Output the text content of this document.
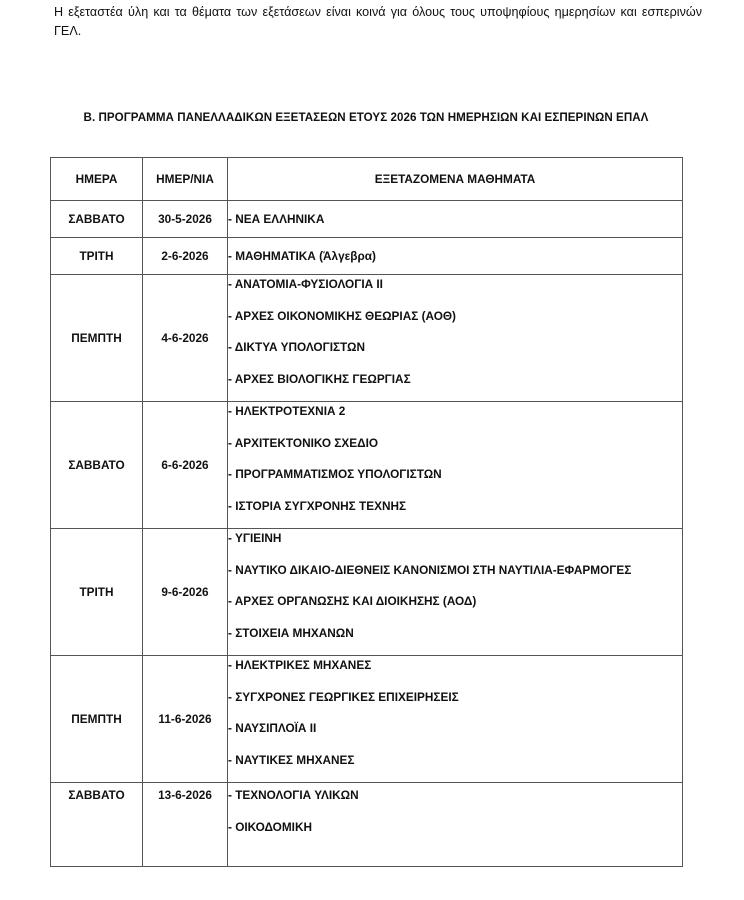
Η εξεταστέα ύλη και τα θέματα των εξετάσεων είναι κοινά για όλους τους υποψηφίους ημερησίων και εσπερινών ΓΕΛ.

Β. ΠΡΟΓΡΑΜΜΑ ΠΑΝΕΛΛΑΔΙΚΩΝ ΕΞΕΤΑΣΕΩΝ ΕΤΟΥΣ 2026 ΤΩΝ ΗΜΕΡΗΣΙΩΝ ΚΑΙ ΕΣΠΕΡΙΝΩΝ ΕΠΑΛ
ΗΜΕΡΑ	ΗΜΕΡ/ΝΙΑ	ΕΞΕΤΑΖΟΜΕΝΑ ΜΑΘΗΜΑΤΑ
ΣΑΒΒΑΤΟ	30-5-2026	- ΝΕΑ ΕΛΛΗΝΙΚΑ

ΤΡΙΤΗ	2-6-2026	- ΜΑΘΗΜΑΤΙΚΑ (Άλγεβρα)

ΠΕΜΠΤΗ	4-6-2026	- ΑΝΑΤΟΜΙΑ-ΦΥΣΙΟΛΟΓΙΑ ΙΙ
- ΑΡΧΕΣ ΟΙΚΟΝΟΜΙΚΗΣ ΘΕΩΡΙΑΣ (ΑΟΘ)
- ΔΙΚΤΥΑ ΥΠΟΛΟΓΙΣΤΩΝ
- ΑΡΧΕΣ ΒΙΟΛΟΓΙΚΗΣ ΓΕΩΡΓΙΑΣ

ΣΑΒΒΑΤΟ	6-6-2026	- ΗΛΕΚΤΡΟΤΕΧΝΙΑ 2
- ΑΡΧΙΤΕΚΤΟΝΙΚΟ ΣΧΕΔΙΟ
- ΠΡΟΓΡΑΜΜΑΤΙΣΜΟΣ ΥΠΟΛΟΓΙΣΤΩΝ
- ΙΣΤΟΡΙΑ ΣΥΓΧΡΟΝΗΣ ΤΕΧΝΗΣ

ΤΡΙΤΗ	9-6-2026	- ΥΓΙΕΙΝΗ
- ΝΑΥΤΙΚΟ ΔΙΚΑΙΟ-ΔΙΕΘΝΕΙΣ ΚΑΝΟΝΙΣΜΟΙ ΣΤΗ ΝΑΥΤΙΛΙΑ-ΕΦΑΡΜΟΓΕΣ
- ΑΡΧΕΣ ΟΡΓΑΝΩΣΗΣ ΚΑΙ ΔΙΟΙΚΗΣΗΣ (ΑΟΔ)
- ΣΤΟΙΧΕΙΑ ΜΗΧΑΝΩΝ

ΠΕΜΠΤΗ	11-6-2026	- ΗΛΕΚΤΡΙΚΕΣ ΜΗΧΑΝΕΣ
- ΣΥΓΧΡΟΝΕΣ ΓΕΩΡΓΙΚΕΣ ΕΠΙΧΕΙΡΗΣΕΙΣ
- ΝΑΥΣΙΠΛΟΪΑ ΙΙ
- ΝΑΥΤΙΚΕΣ ΜΗΧΑΝΕΣ

ΣΑΒΒΑΤΟ	13-6-2026	- ΤΕΧΝΟΛΟΓΙΑ ΥΛΙΚΩΝ
- ΟΙΚΟΔΟΜΙΚΗ
